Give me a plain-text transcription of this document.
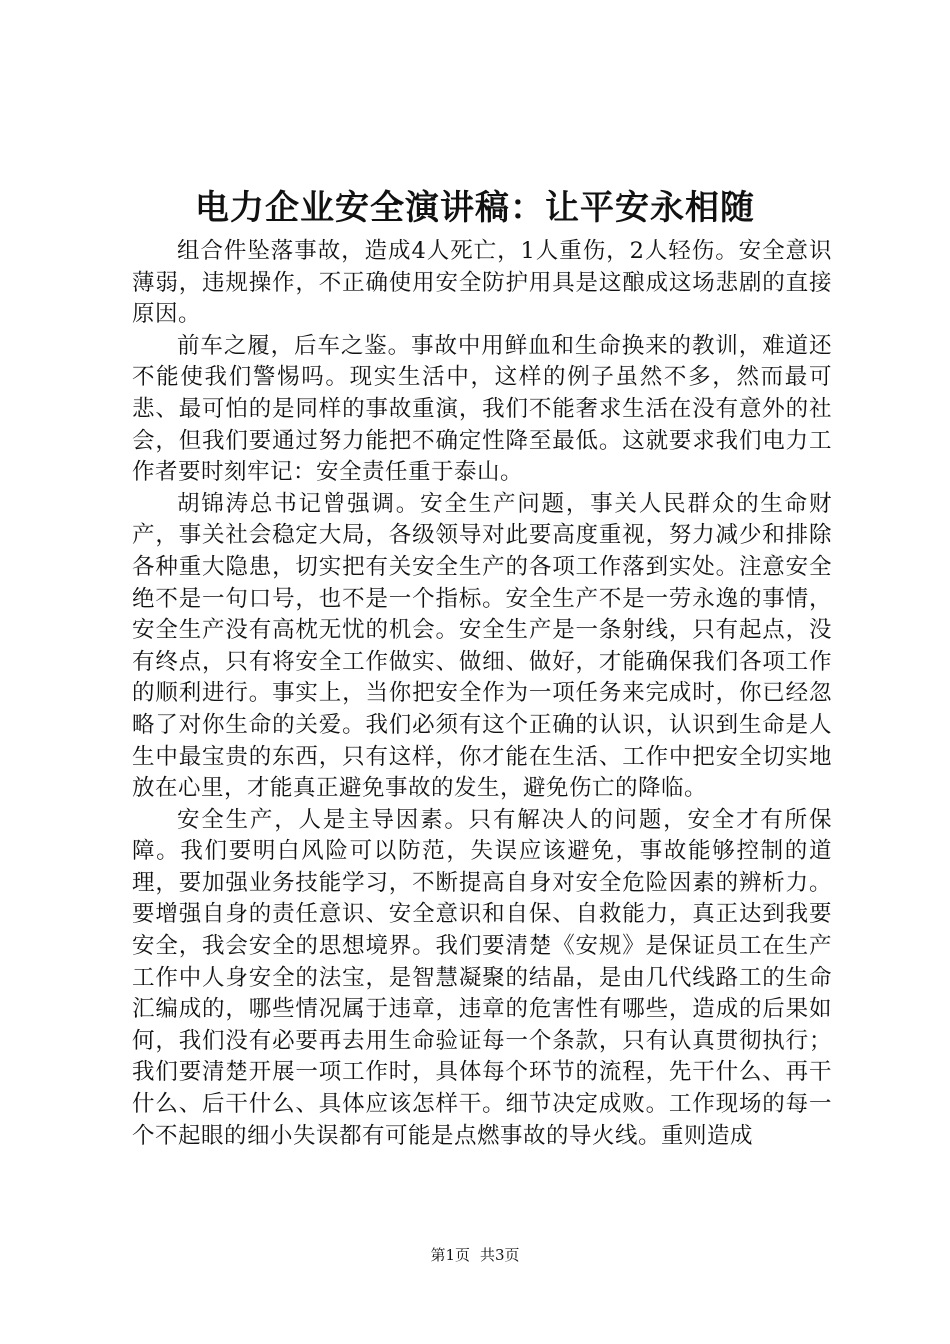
电力企业安全演讲稿：让平安永相随

组合件坠落事故，造成4人死亡，1人重伤，2人轻伤。安全意识薄弱，违规操作，不正确使用安全防护用具是这酿成这场悲剧的直接原因。

前车之履，后车之鉴。事故中用鲜血和生命换来的教训，难道还不能使我们警惕吗。现实生活中，这样的例子虽然不多，然而最可悲、最可怕的是同样的事故重演，我们不能奢求生活在没有意外的社会，但我们要通过努力能把不确定性降至最低。这就要求我们电力工作者要时刻牢记：安全责任重于泰山。

胡锦涛总书记曾强调。安全生产问题，事关人民群众的生命财产，事关社会稳定大局，各级领导对此要高度重视，努力减少和排除各种重大隐患，切实把有关安全生产的各项工作落到实处。注意安全绝不是一句口号，也不是一个指标。安全生产不是一劳永逸的事情，安全生产没有高枕无忧的机会。安全生产是一条射线，只有起点，没有终点，只有将安全工作做实、做细、做好，才能确保我们各项工作的顺利进行。事实上，当你把安全作为一项任务来完成时，你已经忽略了对你生命的关爱。我们必须有这个正确的认识，认识到生命是人生中最宝贵的东西，只有这样，你才能在生活、工作中把安全切实地放在心里，才能真正避免事故的发生，避免伤亡的降临。

安全生产，人是主导因素。只有解决人的问题，安全才有所保障。我们要明白风险可以防范，失误应该避免，事故能够控制的道理，要加强业务技能学习，不断提高自身对安全危险因素的辨析力。要增强自身的责任意识、安全意识和自保、自救能力，真正达到我要安全，我会安全的思想境界。我们要清楚《安规》是保证员工在生产工作中人身安全的法宝，是智慧凝聚的结晶，是由几代线路工的生命汇编成的，哪些情况属于违章，违章的危害性有哪些，造成的后果如何，我们没有必要再去用生命验证每一个条款，只有认真贯彻执行；我们要清楚开展一项工作时，具体每个环节的流程，先干什么、再干什么、后干什么、具体应该怎样干。细节决定成败。工作现场的每一个不起眼的细小失误都有可能是点燃事故的导火线。重则造成

第1页 共3页
